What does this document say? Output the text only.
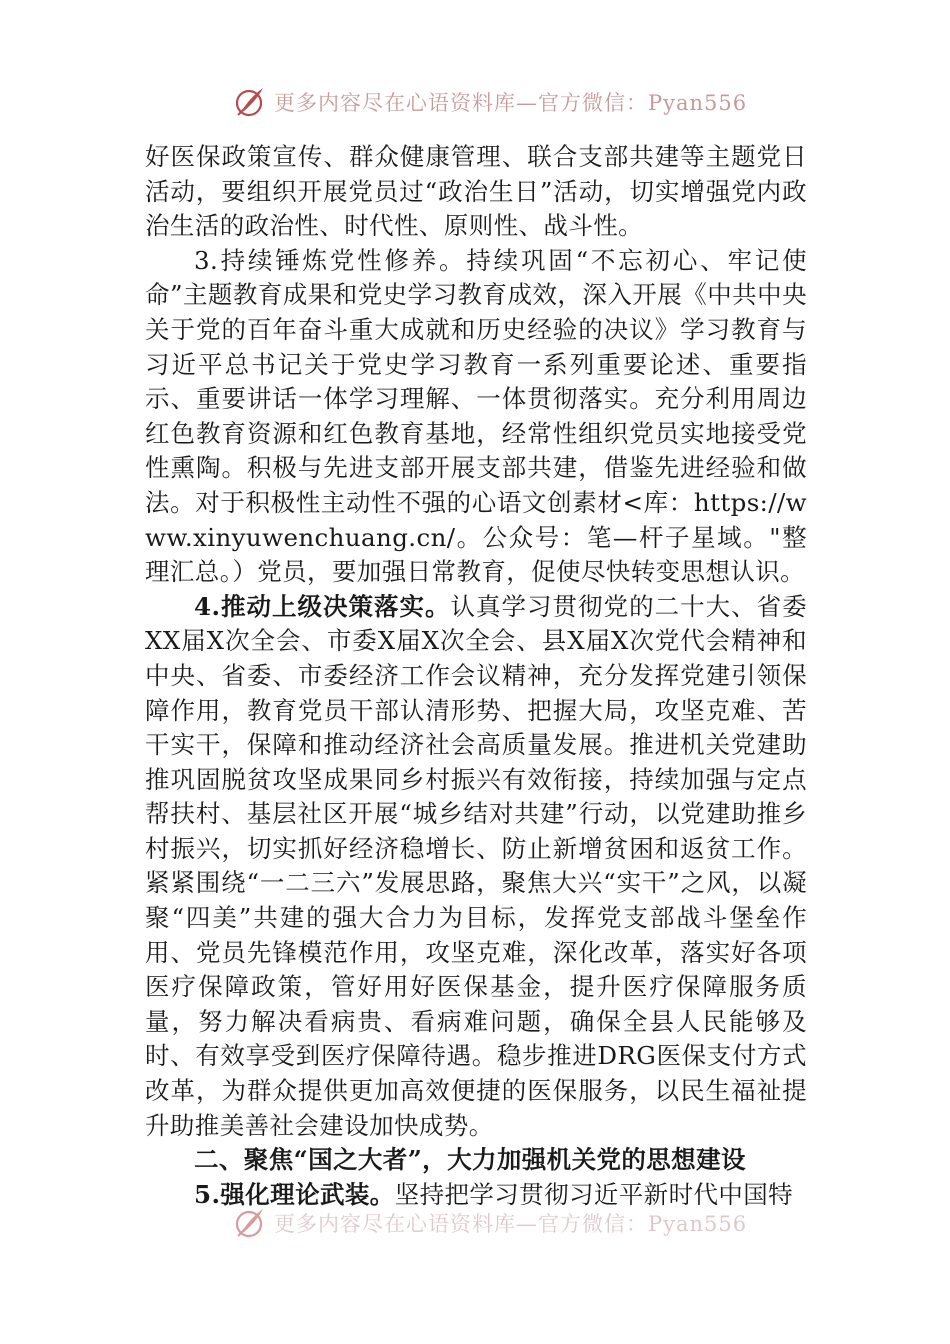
更多内容尽在心语资料库—官方微信：Pyan556

好医保政策宣传、群众健康管理、联合支部共建等主题党日活动，要组织开展党员过“政治生日”活动，切实增强党内政治生活的政治性、时代性、原则性、战斗性。

3.持续锤炼党性修养。持续巩固“不忘初心、牢记使命”主题教育成果和党史学习教育成效，深入开展《中共中央关于党的百年奋斗重大成就和历史经验的决议》学习教育与习近平总书记关于党史学习教育一系列重要论述、重要指示、重要讲话一体学习理解、一体贯彻落实。充分利用周边红色教育资源和红色教育基地，经常性组织党员实地接受党性熏陶。积极与先进支部开展支部共建，借鉴先进经验和做法。对于积极性主动性不强的心语文创素材<库：https://www.xinyuwenchuang.cn/。公众号：笔—杆子星域。"整理汇总。）党员，要加强日常教育，促使尽快转变思想认识。

4.推动上级决策落实。认真学习贯彻党的二十大、省委XX届X次全会、市委X届X次全会、县X届X次党代会精神和中央、省委、市委经济工作会议精神，充分发挥党建引领保障作用，教育党员干部认清形势、把握大局，攻坚克难、苦干实干，保障和推动经济社会高质量发展。推进机关党建助推巩固脱贫攻坚成果同乡村振兴有效衔接，持续加强与定点帮扶村、基层社区开展“城乡结对共建”行动，以党建助推乡村振兴，切实抓好经济稳增长、防止新增贫困和返贫工作。紧紧围绕“一二三六”发展思路，聚焦大兴“实干”之风，以凝聚“四美”共建的强大合力为目标，发挥党支部战斗堡垒作用、党员先锋模范作用，攻坚克难，深化改革，落实好各项医疗保障政策，管好用好医保基金，提升医疗保障服务质量，努力解决看病贵、看病难问题，确保全县人民能够及时、有效享受到医疗保障待遇。稳步推进DRG医保支付方式改革，为群众提供更加高效便捷的医保服务，以民生福祉提升助推美善社会建设加快成势。

二、聚焦“国之大者”，大力加强机关党的思想建设

5.强化理论武装。坚持把学习贯彻习近平新时代中国特

更多内容尽在心语资料库—官方微信：Pyan556
